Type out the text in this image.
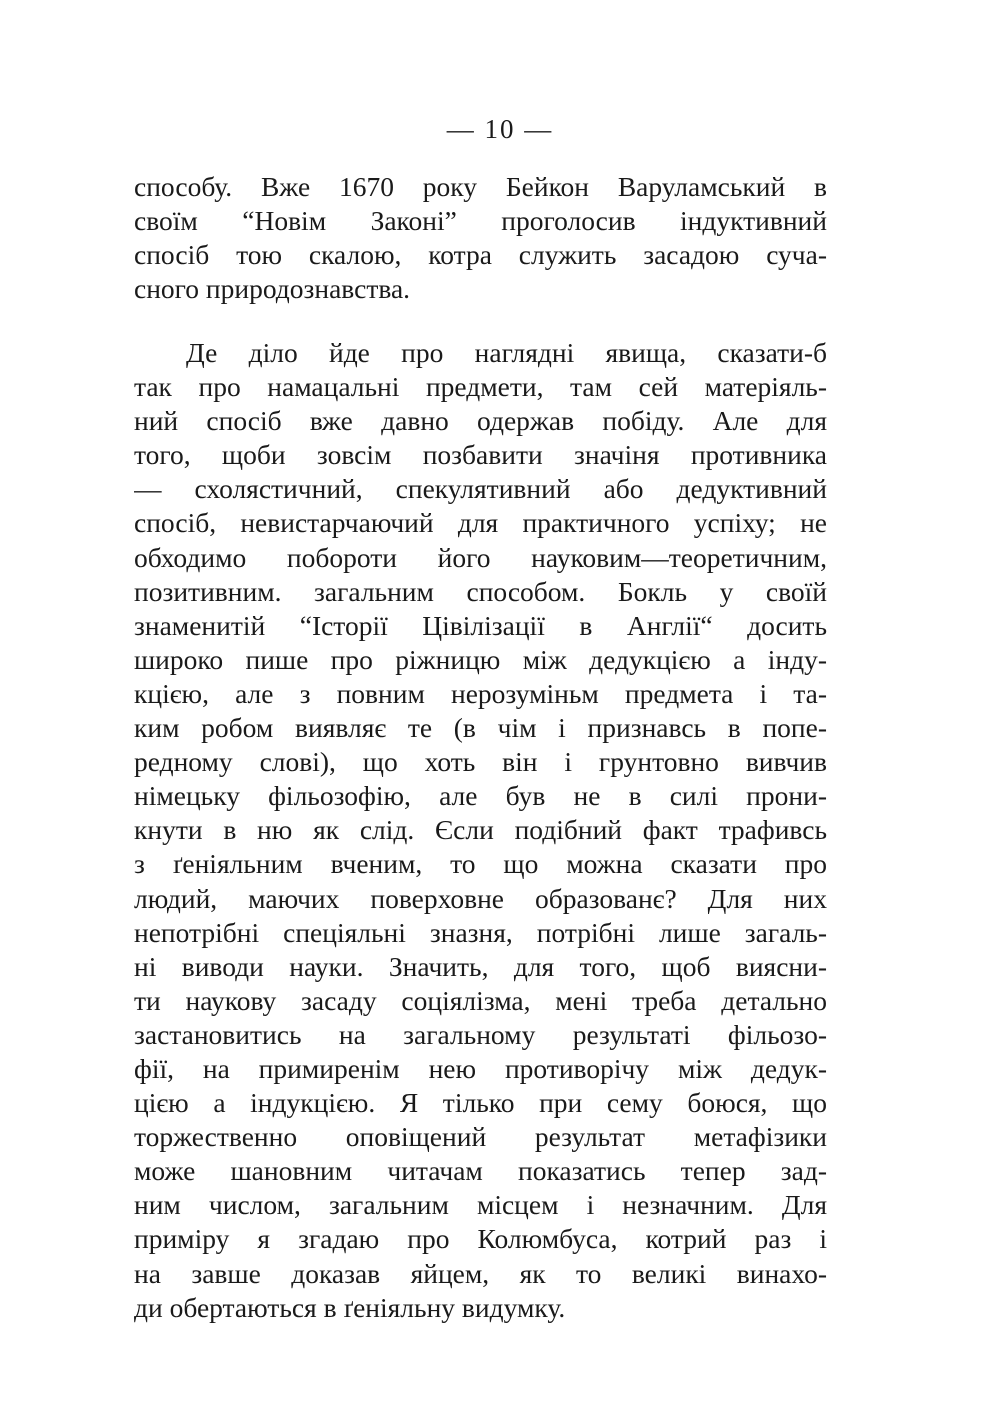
— 10 —
способу. Вже 1670 року Бейкон Варуламський в
своїм “Новім Законі” проголосив індуктивний
спосіб тою скалою, котра служить засадою суча-
сного природознавства.
Де діло йде про наглядні явища, сказати-б
так про намацальні предмети, там сей матеріяль-
ний спосіб вже давно одержав побіду. Але для
того, щоби зовсім позбавити значіня противника
— схолястичний, спекулятивний або дедуктивний
спосіб, невистарчаючий для практичного успіху; не
обходимо побороти його науковим—теоретичним,
позитивним. загальним способом. Бокль у своїй
знаменитій “Історії Цівілізації в Англії“ досить
широко пише про ріжницю між дедукцією а інду-
кцією, але з повним нерозуміньм предмета і та-
ким робом виявляє те (в чім і признавсь в попе-
редному слові), що хоть він і грунтовно вивчив
німецьку фільозофію, але був не в силі прони-
кнути в ню як слід. Єсли подібний факт трафивсь
з ґеніяльним вченим, то що можна сказати про
людий, маючих поверховне образованє? Для них
непотрібні спеціяльні зназня, потрібні лише загаль-
ні виводи науки. Значить, для того, щоб виясни-
ти наукову засаду соціялізма, мені треба детально
застановитись на загальному результаті фільозо-
фії, на примиренім нею противорічу між дедук-
цією а індукцією. Я тілько при сему боюся, що
торжественно оповіщений результат метафізики
може шановним читачам показатись тепер зад-
ним числом, загальним місцем і незначним. Для
приміру я згадаю про Колюмбуса, котрий раз і
на завше доказав яйцем, як то великі винахо-
ди обертаються в ґеніяльну видумку.
